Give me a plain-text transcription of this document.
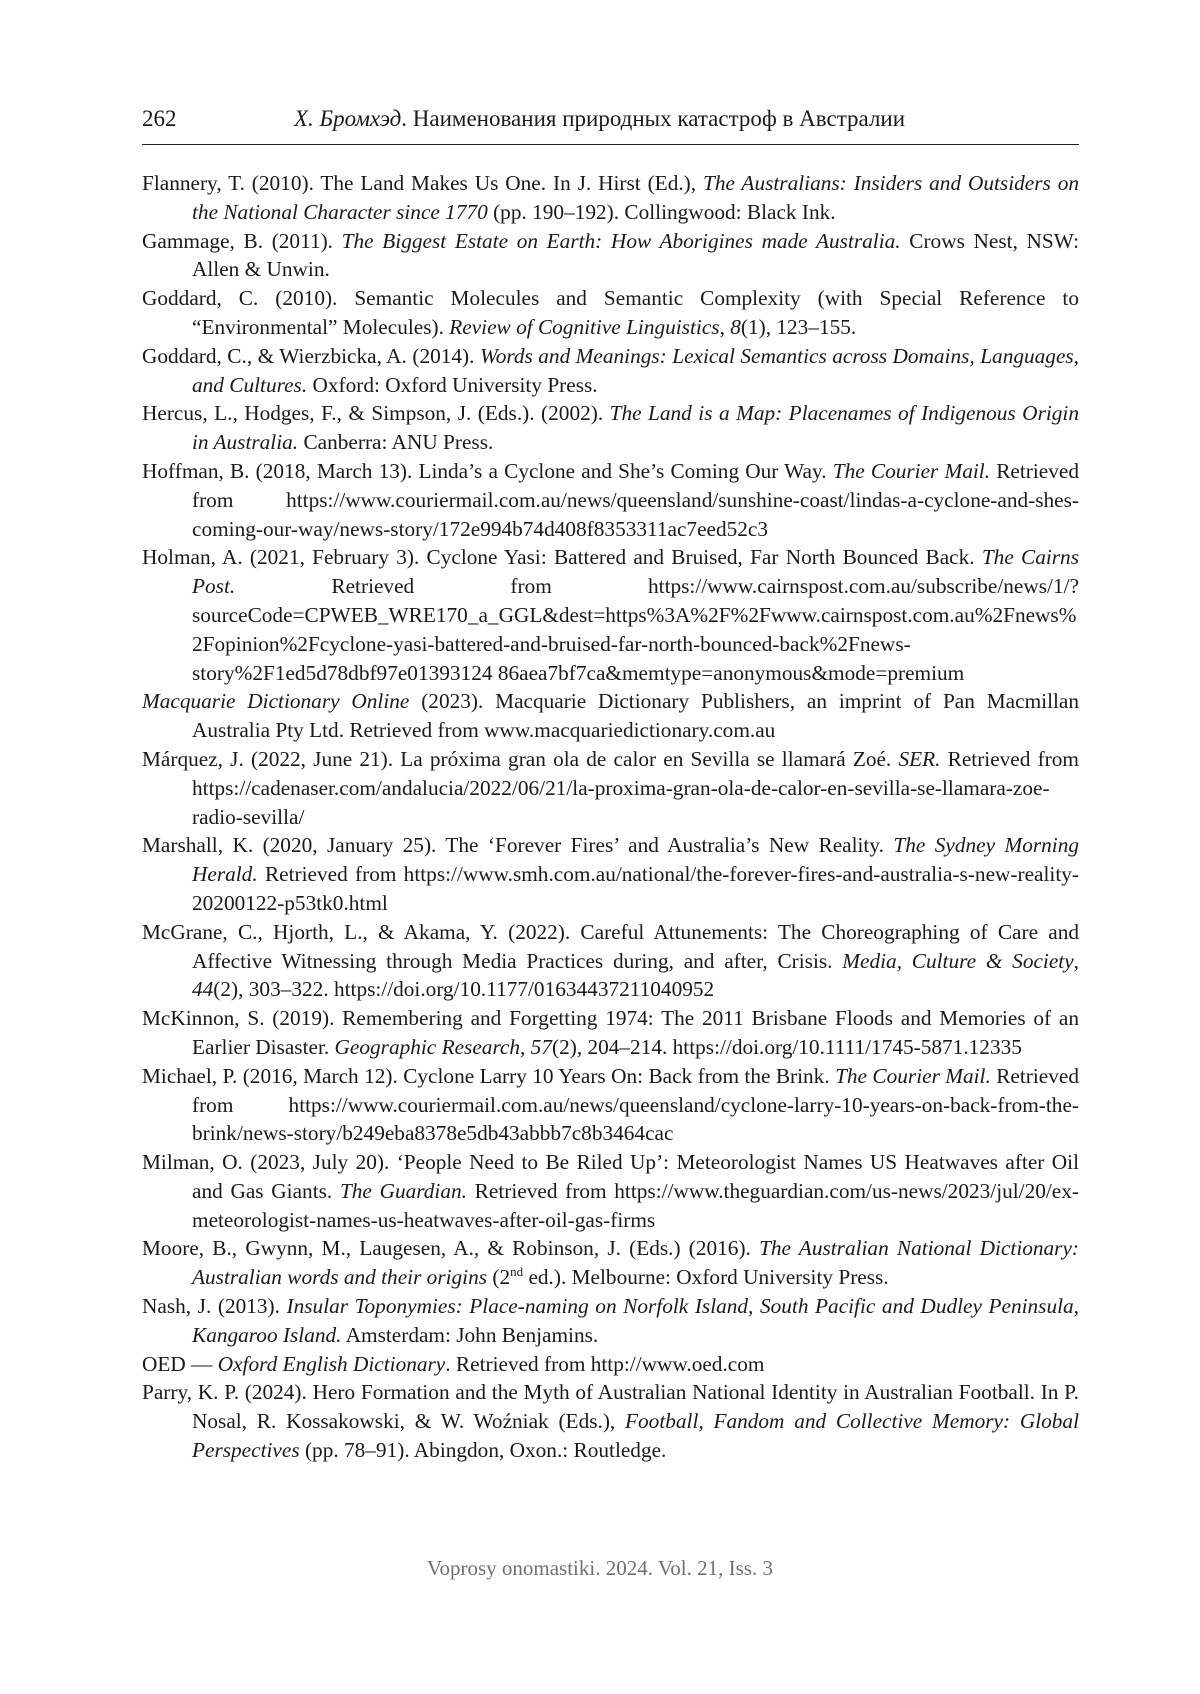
262	Х. Бромхэд. Наименования природных катастроф в Австралии

Flannery, T. (2010). The Land Makes Us One. In J. Hirst (Ed.), The Australians: Insiders and Outsiders on the National Character since 1770 (pp. 190–192). Collingwood: Black Ink.

Gammage, B. (2011). The Biggest Estate on Earth: How Aborigines made Australia. Crows Nest, NSW: Allen & Unwin.

Goddard, C. (2010). Semantic Molecules and Semantic Complexity (with Special Reference to “Environmental” Molecules). Review of Cognitive Linguistics, 8(1), 123–155.

Goddard, C., & Wierzbicka, A. (2014). Words and Meanings: Lexical Semantics across Domains, Languages, and Cultures. Oxford: Oxford University Press.

Hercus, L., Hodges, F., & Simpson, J. (Eds.). (2002). The Land is a Map: Placenames of Indigenous Origin in Australia. Canberra: ANU Press.

Hoffman, B. (2018, March 13). Linda’s a Cyclone and She’s Coming Our Way. The Courier Mail. Retrieved from https://www.couriermail.com.au/news/queensland/sunshine-coast/lindas-a-cyclone-and-shes-coming-our-way/news-story/172e994b74d408f8353311ac7eed52c3

Holman, A. (2021, February 3). Cyclone Yasi: Battered and Bruised, Far North Bounced Back. The Cairns Post. Retrieved from https://www.cairnspost.com.au/subscribe/news/1/?sourceCode=CPWEB_WRE170_a_GGL&dest=https%3A%2F%2Fwww.cairnspost.com.au%2Fnews%2Fopinion%2Fcyclone-yasi-battered-and-bruised-far-north-bounced-back%2Fnews-story%2F1ed5d78dbf97e01393124 86aea7bf7ca&memtype=anonymous&mode=premium

Macquarie Dictionary Online (2023). Macquarie Dictionary Publishers, an imprint of Pan Macmillan Australia Pty Ltd. Retrieved from www.macquariedictionary.com.au

Márquez, J. (2022, June 21). La próxima gran ola de calor en Sevilla se llamará Zoé. SER. Retrieved from https://cadenaser.com/andalucia/2022/06/21/la-proxima-gran-ola-de-calor-en-sevilla-se-llamara-zoe-radio-sevilla/

Marshall, K. (2020, January 25). The ‘Forever Fires’ and Australia’s New Reality. The Sydney Morning Herald. Retrieved from https://www.smh.com.au/national/the-forever-fires-and-australia-s-new-reality-20200122-p53tk0.html

McGrane, C., Hjorth, L., & Akama, Y. (2022). Careful Attunements: The Choreographing of Care and Affective Witnessing through Media Practices during, and after, Crisis. Media, Culture & Society, 44(2), 303–322. https://doi.org/10.1177/01634437211040952

McKinnon, S. (2019). Remembering and Forgetting 1974: The 2011 Brisbane Floods and Memories of an Earlier Disaster. Geographic Research, 57(2), 204–214. https://doi.org/10.1111/1745-5871.12335

Michael, P. (2016, March 12). Cyclone Larry 10 Years On: Back from the Brink. The Courier Mail. Retrieved from https://www.couriermail.com.au/news/queensland/cyclone-larry-10-years-on-back-from-the-brink/news-story/b249eba8378e5db43abbb7c8b3464cac

Milman, O. (2023, July 20). ‘People Need to Be Riled Up’: Meteorologist Names US Heatwaves after Oil and Gas Giants. The Guardian. Retrieved from https://www.theguardian.com/us-news/2023/jul/20/ex-meteorologist-names-us-heatwaves-after-oil-gas-firms

Moore, B., Gwynn, M., Laugesen, A., & Robinson, J. (Eds.) (2016). The Australian National Dictionary: Australian words and their origins (2nd ed.). Melbourne: Oxford University Press.

Nash, J. (2013). Insular Toponymies: Place-naming on Norfolk Island, South Pacific and Dudley Peninsula, Kangaroo Island. Amsterdam: John Benjamins.

OED — Oxford English Dictionary. Retrieved from http://www.oed.com

Parry, K. P. (2024). Hero Formation and the Myth of Australian National Identity in Australian Football. In P. Nosal, R. Kossakowski, & W. Woźniak (Eds.), Football, Fandom and Collective Memory: Global Perspectives (pp. 78–91). Abingdon, Oxon.: Routledge.

Voprosy onomastiki. 2024. Vol. 21, Iss. 3
